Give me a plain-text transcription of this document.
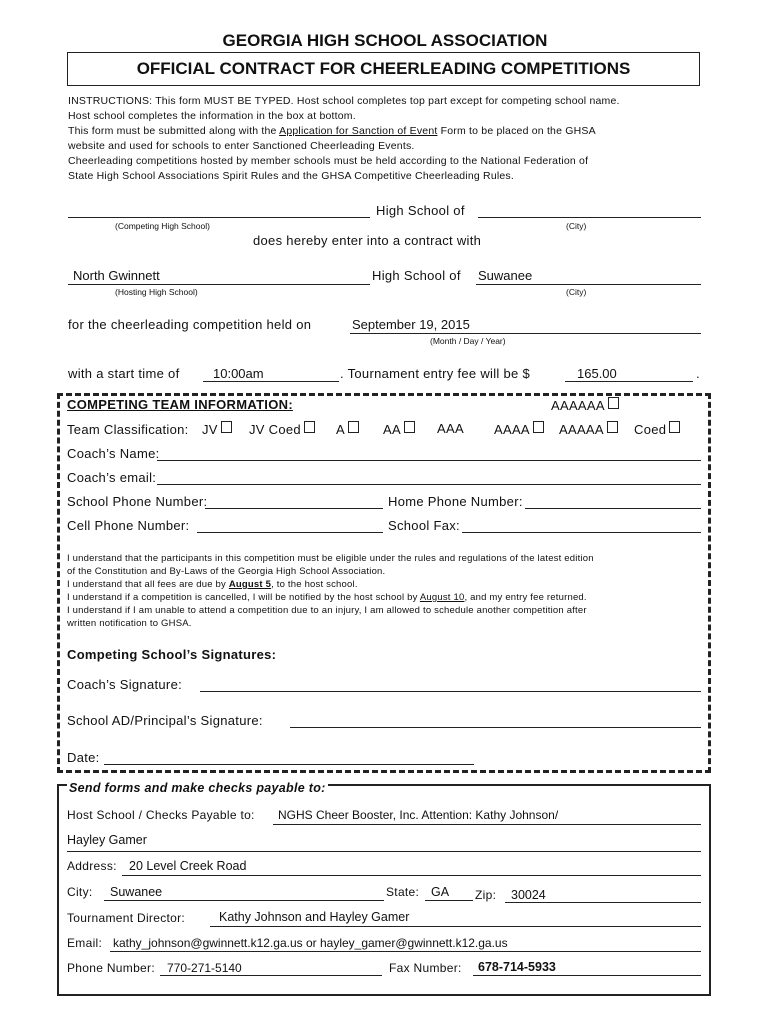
GEORGIA HIGH SCHOOL ASSOCIATION
OFFICIAL CONTRACT FOR CHEERLEADING COMPETITIONS
INSTRUCTIONS: This form MUST BE TYPED. Host school completes top part except for competing school name.
Host school completes the information in the box at bottom.
This form must be submitted along with the Application for Sanction of Event Form to be placed on the GHSA
website and used for schools to enter Sanctioned Cheerleading Events.
Cheerleading competitions hosted by member schools must be held according to the National Federation of
State High School Associations Spirit Rules and the GHSA Competitive Cheerleading Rules.
High School of
(Competing High School)	(City)
does hereby enter into a contract with
North Gwinnett	High School of Suwanee
(Hosting High School)	(City)
for the cheerleading competition held on	September 19, 2015
(Month / Day / Year)
with a start time of	10:00am	. Tournament entry fee will be $	165.00	.
COMPETING TEAM INFORMATION:	AAAAAA
Team Classification: JV	JV Coed	A	AA	AAA AAAA	AAAAA	Coed
Coach’s Name:
Coach’s email:
School Phone Number:	Home Phone Number:
Cell Phone Number:	School Fax:
I understand that the participants in this competition must be eligible under the rules and regulations of the latest edition
of the Constitution and By-Laws of the Georgia High School Association.
I understand that all fees are due by August 5, to the host school.
I understand if a competition is cancelled, I will be notified by the host school by August 10, and my entry fee returned.
I understand if I am unable to attend a competition due to an injury, I am allowed to schedule another competition after
written notification to GHSA.
Competing School’s Signatures:
Coach’s Signature:
School AD/Principal’s Signature:
Date:
Send forms and make checks payable to:
Host School / Checks Payable to: NGHS Cheer Booster, Inc. Attention: Kathy Johnson/
Hayley Gamer
Address: 20 Level Creek Road
City: Suwanee	State: GA Zip: 30024
Tournament Director:	Kathy Johnson and Hayley Gamer
Email: kathy_johnson@gwinnett.k12.ga.us or hayley_gamer@gwinnett.k12.ga.us
Phone Number: 770-271-5140	Fax Number: 678-714-5933
